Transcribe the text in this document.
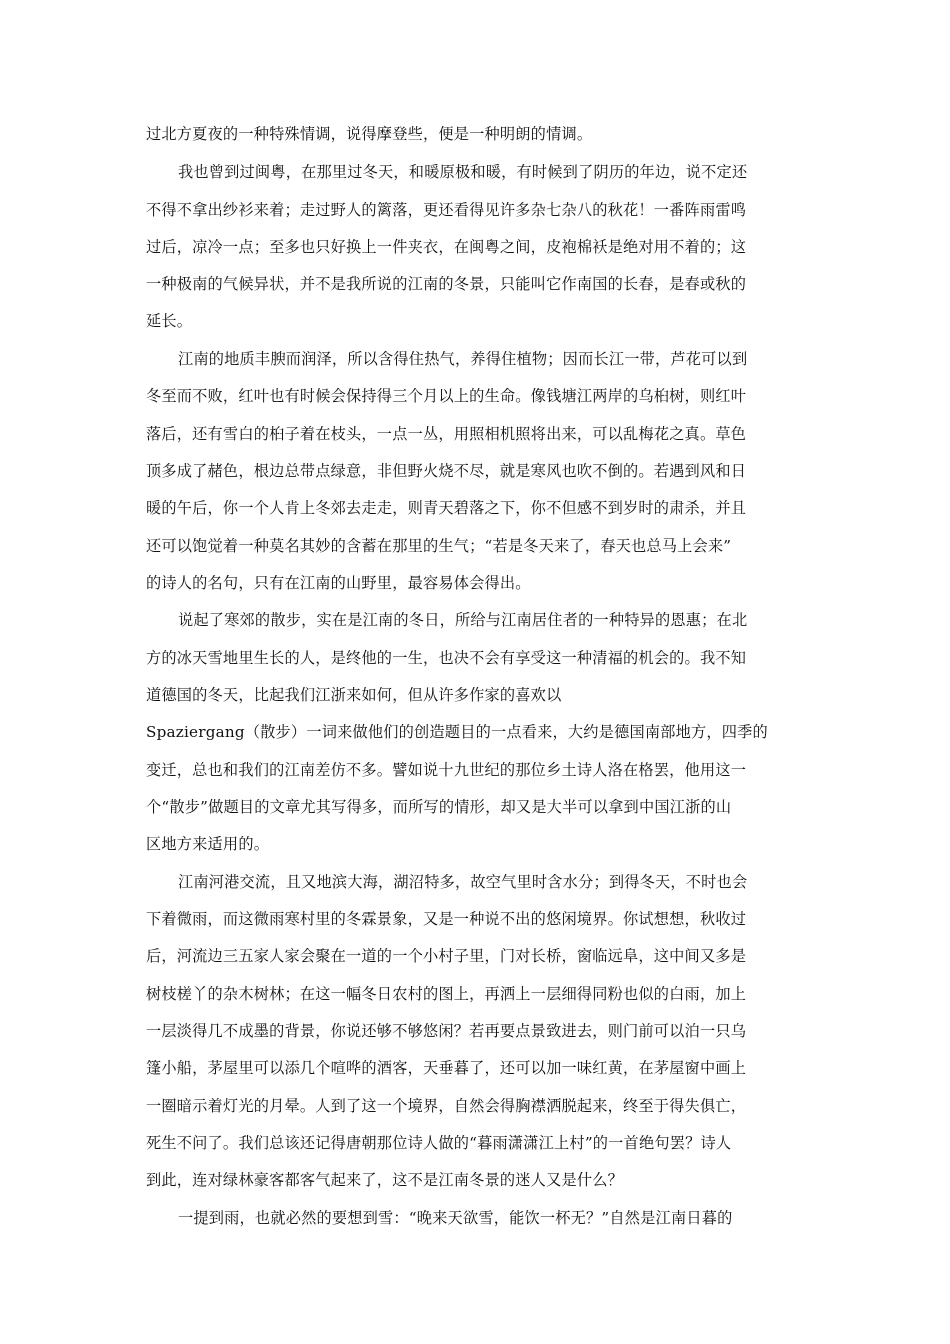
过北方夏夜的一种特殊情调，说得摩登些，便是一种明朗的情调。
我也曾到过闽粤，在那里过冬天，和暖原极和暖，有时候到了阴历的年边，说不定还
不得不拿出纱衫来着；走过野人的篱落，更还看得见许多杂七杂八的秋花！一番阵雨雷鸣
过后，凉冷一点；至多也只好换上一件夹衣，在闽粤之间，皮袍棉袄是绝对用不着的；这
一种极南的气候异状，并不是我所说的江南的冬景，只能叫它作南国的长春，是春或秋的
延长。
江南的地质丰腴而润泽，所以含得住热气，养得住植物；因而长江一带，芦花可以到
冬至而不败，红叶也有时候会保持得三个月以上的生命。像钱塘江两岸的乌桕树，则红叶
落后，还有雪白的桕子着在枝头，一点一丛，用照相机照将出来，可以乱梅花之真。草色
顶多成了赭色，根边总带点绿意，非但野火烧不尽，就是寒风也吹不倒的。若遇到风和日
暖的午后，你一个人肯上冬郊去走走，则青天碧落之下，你不但感不到岁时的肃杀，并且
还可以饱觉着一种莫名其妙的含蓄在那里的生气；“若是冬天来了，春天也总马上会来”
的诗人的名句，只有在江南的山野里，最容易体会得出。
说起了寒郊的散步，实在是江南的冬日，所给与江南居住者的一种特异的恩惠；在北
方的冰天雪地里生长的人，是终他的一生，也决不会有享受这一种清福的机会的。我不知
道德国的冬天，比起我们江浙来如何，但从许多作家的喜欢以
Spaziergang（散步）一词来做他们的创造题目的一点看来，大约是德国南部地方，四季的
变迁，总也和我们的江南差仿不多。譬如说十九世纪的那位乡土诗人洛在格罢，他用这一
个“散步”做题目的文章尤其写得多，而所写的情形，却又是大半可以拿到中国江浙的山
区地方来适用的。
江南河港交流，且又地滨大海，湖沼特多，故空气里时含水分；到得冬天，不时也会
下着微雨，而这微雨寒村里的冬霖景象，又是一种说不出的悠闲境界。你试想想，秋收过
后，河流边三五家人家会聚在一道的一个小村子里，门对长桥，窗临远阜，这中间又多是
树枝槎丫的杂木树林；在这一幅冬日农村的图上，再洒上一层细得同粉也似的白雨，加上
一层淡得几不成墨的背景，你说还够不够悠闲？若再要点景致进去，则门前可以泊一只乌
篷小船，茅屋里可以添几个喧哗的酒客，天垂暮了，还可以加一味红黄，在茅屋窗中画上
一圈暗示着灯光的月晕。人到了这一个境界，自然会得胸襟洒脱起来，终至于得失俱亡，
死生不问了。我们总该还记得唐朝那位诗人做的“暮雨潇潇江上村”的一首绝句罢？诗人
到此，连对绿林豪客都客气起来了，这不是江南冬景的迷人又是什么？
一提到雨，也就必然的要想到雪：“晚来天欲雪，能饮一杯无？”自然是江南日暮的
